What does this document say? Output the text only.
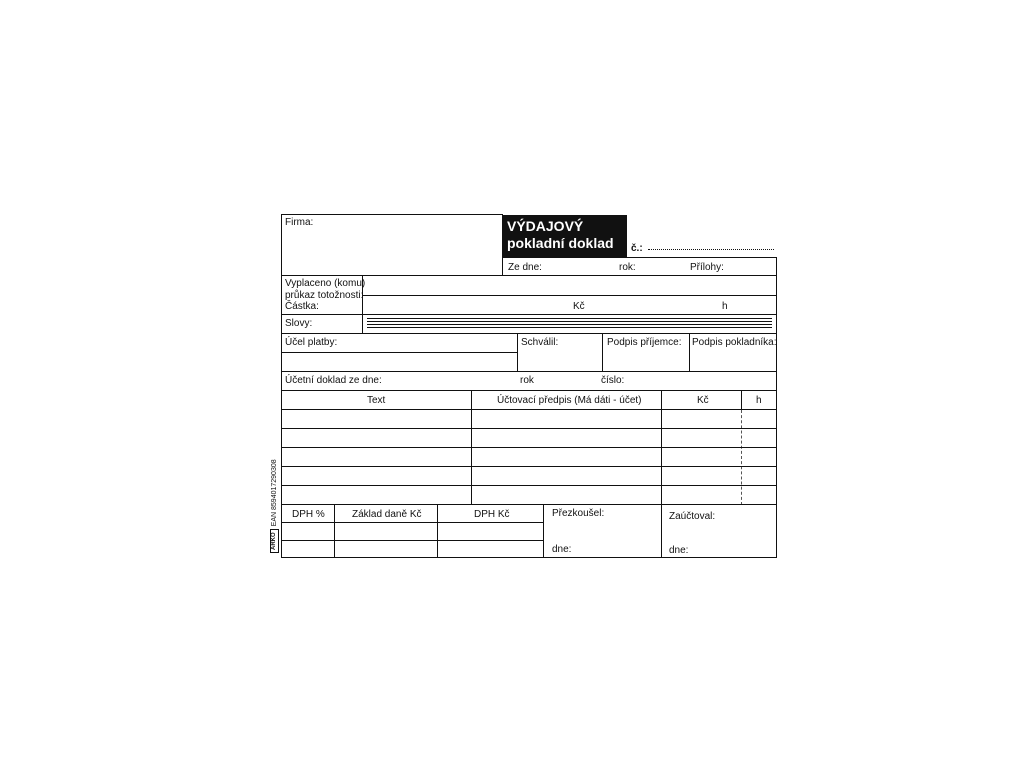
Firma:	VÝDAJOVÝ
pokladní doklad	č.:
Ze dne:	rok:	Přílohy:
Vyplaceno (komu)
průkaz totožnosti:
Částka:	Kč	h
Slovy:
Účel platby:	Schválil:	Podpis příjemce: Podpis pokladníka:
Účetní doklad ze dne:	rok	číslo:
Text	Účtovací předpis (Má dáti - účet)	Kč	h
DPH %	Základ daně Kč	DPH Kč	Přezkoušel:	Zaúčtoval:
dne:	dne:
ARKO
EAN 8594017290308
